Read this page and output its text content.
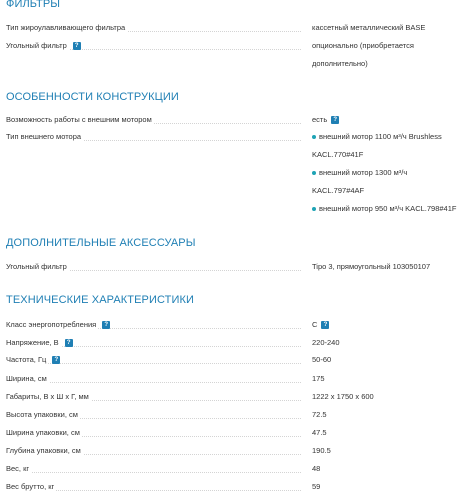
ФИЛЬТРЫ
Тип жироулавливающего фильтра	кассетный металлический BASE
Угольный фильтр ?	опционально (приобретается
дополнительно)
ОСОБЕННОСТИ КОНСТРУКЦИИ
Возможность работы с внешним мотором	есть ?
Тип внешнего мотора	внешний мотор 1100 м³/ч Brushless
KACL.770#41F
внешний мотор 1300 м³/ч
KACL.797#4AF
внешний мотор 950 м³/ч KACL.798#41F
ДОПОЛНИТЕЛЬНЫЕ АКСЕССУАРЫ
Угольный фильтр	Tipo 3, прямоугольный 103050107
ТЕХНИЧЕСКИЕ ХАРАКТЕРИСТИКИ
Класс энергопотребления ?	C ?
Напряжение, В ?	220-240
Частота, Гц ?	50-60
Ширина, см	175
Габариты, В х Ш х Г, мм	1222 х 1750 х 600
Высота упаковки, см	72.5
Ширина упаковки, см	47.5
Глубина упаковки, см	190.5
Вес, кг	48
Вес брутто, кг	59
